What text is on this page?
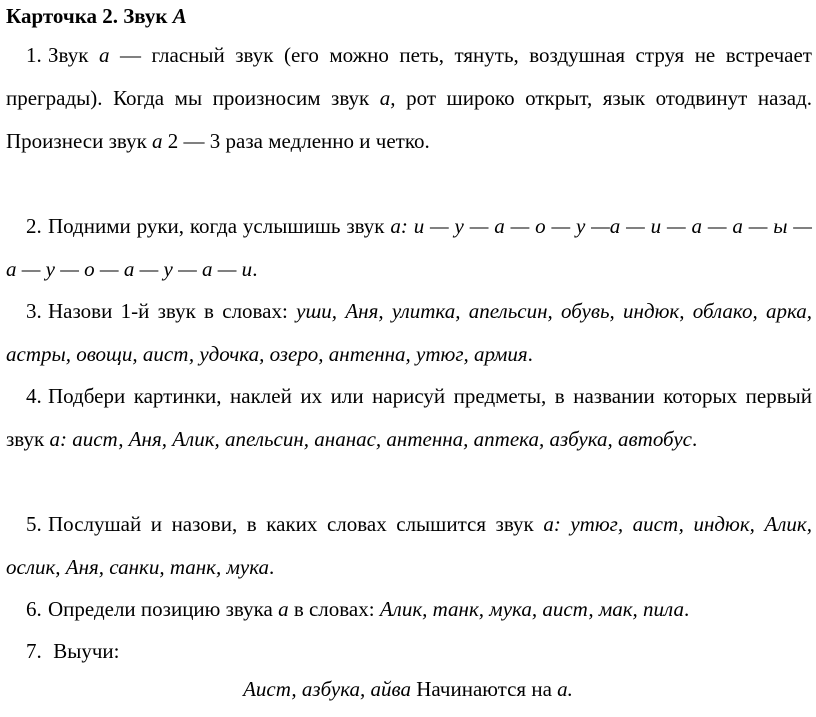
Карточка 2. Звук А
1. Звук а — гласный звук (его можно петь, тянуть, воздушная струя не встречает преграды). Когда мы произносим звук а, рот широко открыт, язык отодвинут назад. Произнеси звук а 2 — 3 раза медленно и четко.
2. Подними руки, когда услышишь звук а: и — у — а — о — у —а — и — а — а — ы — а — у — о — а — у — а — и.
3. Назови 1-й звук в словах: уши, Аня, улитка, апельсин, обувь, индюк, облако, арка, астры, овощи, аист, удочка, озеро, антенна, утюг, армия.
4. Подбери картинки, наклей их или нарисуй предметы, в названии которых первый звук а: аист, Аня, Алик, апельсин, ананас, антенна, аптека, азбука, автобус.
5. Послушай и назови, в каких словах слышится звук а: утюг, аист, индюк, Алик, ослик, Аня, санки, танк, мука.
6. Определи позицию звука а в словах: Алик, танк, мука, аист, мак, пила.
7. Выучи:
Аист, азбука, айва Начинаются на а.
